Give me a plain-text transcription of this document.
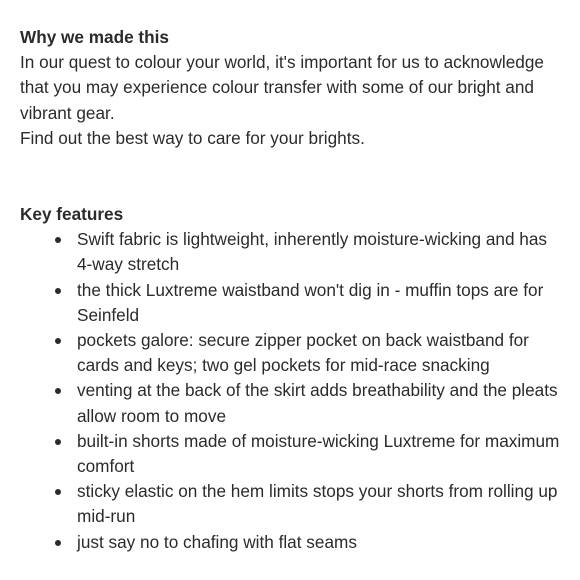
Why we made this

In our quest to colour your world, it's important for us to acknowledge that you may experience colour transfer with some of our bright and vibrant gear.

Find out the best way to care for your brights.

Key features

Swift fabric is lightweight, inherently moisture-wicking and has 4-way stretch
the thick Luxtreme waistband won't dig in - muffin tops are for Seinfeld
pockets galore: secure zipper pocket on back waistband for cards and keys; two gel pockets for mid-race snacking
venting at the back of the skirt adds breathability and the pleats allow room to move
built-in shorts made of moisture-wicking Luxtreme for maximum comfort
sticky elastic on the hem limits stops your shorts from rolling up mid-run
just say no to chafing with flat seams
